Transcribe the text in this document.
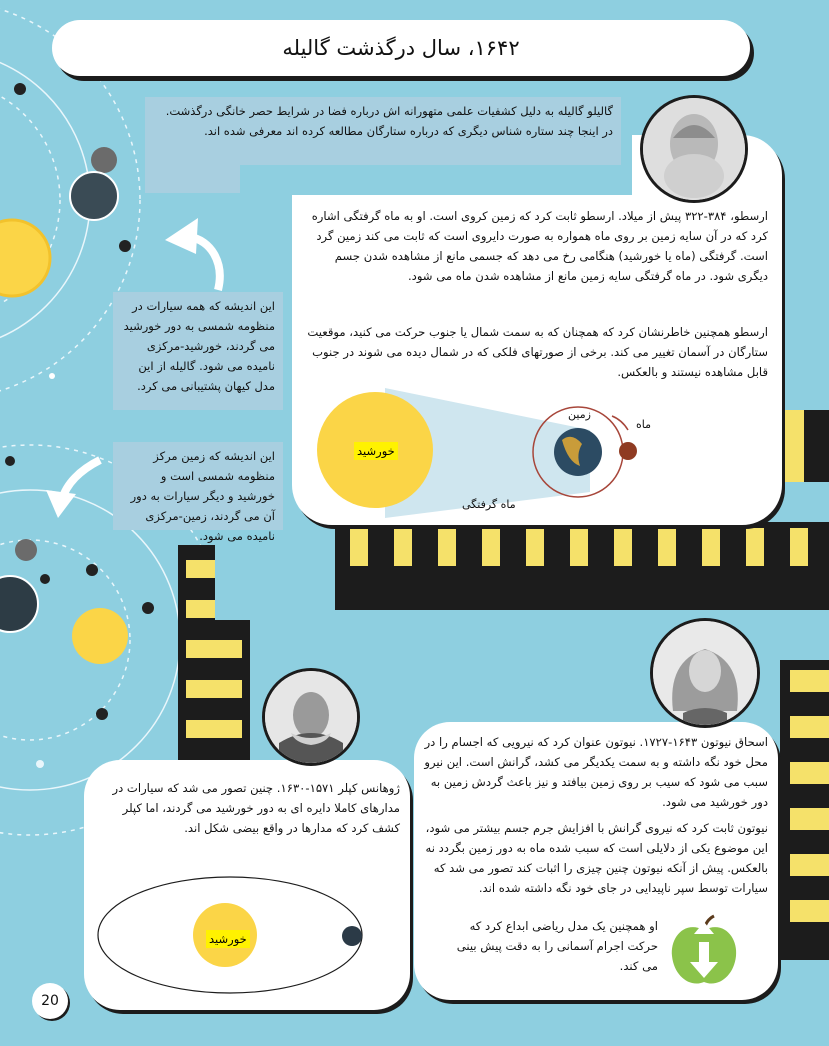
۱۶۴۲، سال درگذشت گالیله
گالیلو گالیله به دلیل کشفیات علمی متهورانه اش درباره فضا در شرایط حصر خانگی درگذشت. در اینجا چند ستاره شناس دیگری که درباره ستارگان مطالعه کرده اند معرفی شده اند.
ارسطو، ۳۸۴-۳۲۲ پیش از میلاد. ارسطو ثابت کرد که زمین کروی است. او به ماه گرفتگی اشاره کرد که در آن سایه زمین بر روی ماه همواره به صورت دایروی است که ثابت می کند زمین گرد است. گرفتگی (ماه یا خورشید) هنگامی رخ می دهد که جسمی مانع از مشاهده شدن جسم دیگری شود. در ماه گرفتگی سایه زمین مانع از مشاهده شدن ماه می شود.
ارسطو همچنین خاطرنشان کرد که همچنان که به سمت شمال یا جنوب حرکت می کنید، موقعیت ستارگان در آسمان تغییر می کند. برخی از صورتهای فلکی که در شمال دیده می شوند در جنوب قابل مشاهده نیستند و بالعکس.
خورشید
زمین
ماه
ماه گرفتگی
این اندیشه که همه سیارات در منظومه شمسی به دور خورشید می گردند، خورشید-مرکزی نامیده می شود. گالیله از این مدل کیهان پشتیبانی می کرد.
این اندیشه که زمین مرکز منظومه شمسی است و خورشید و دیگر سیارات به دور آن می گردند، زمین-مرکزی نامیده می شود.
ژوهانس کپلر ۱۵۷۱-۱۶۳۰. چنین تصور می شد که سیارات در مدارهای کاملا دایره ای به دور خورشید می گردند، اما کپلر کشف کرد که مدارها در واقع بیضی شکل اند.
خورشید
اسحاق نیوتون ۱۶۴۳-۱۷۲۷. نیوتون عنوان کرد که نیرویی که اجسام را در محل خود نگه داشته و به سمت یکدیگر می کشد، گرانش است. این نیرو سبب می شود که سیب بر روی زمین بیافتد و نیز باعث گردش زمین به دور خورشید می شود.
نیوتون ثابت کرد که نیروی گرانش با افزایش جرم جسم بیشتر می شود، این موضوع یکی از دلایلی است که سبب شده ماه به دور زمین بگردد نه بالعکس. پیش از آنکه نیوتون چنین چیزی را اثبات کند تصور می شد که سیارات توسط سپر ناپیدایی در جای خود نگه داشته شده اند.
او همچنین یک مدل ریاضی ابداع کرد که حرکت اجرام آسمانی را به دقت پیش بینی می کند.
20
